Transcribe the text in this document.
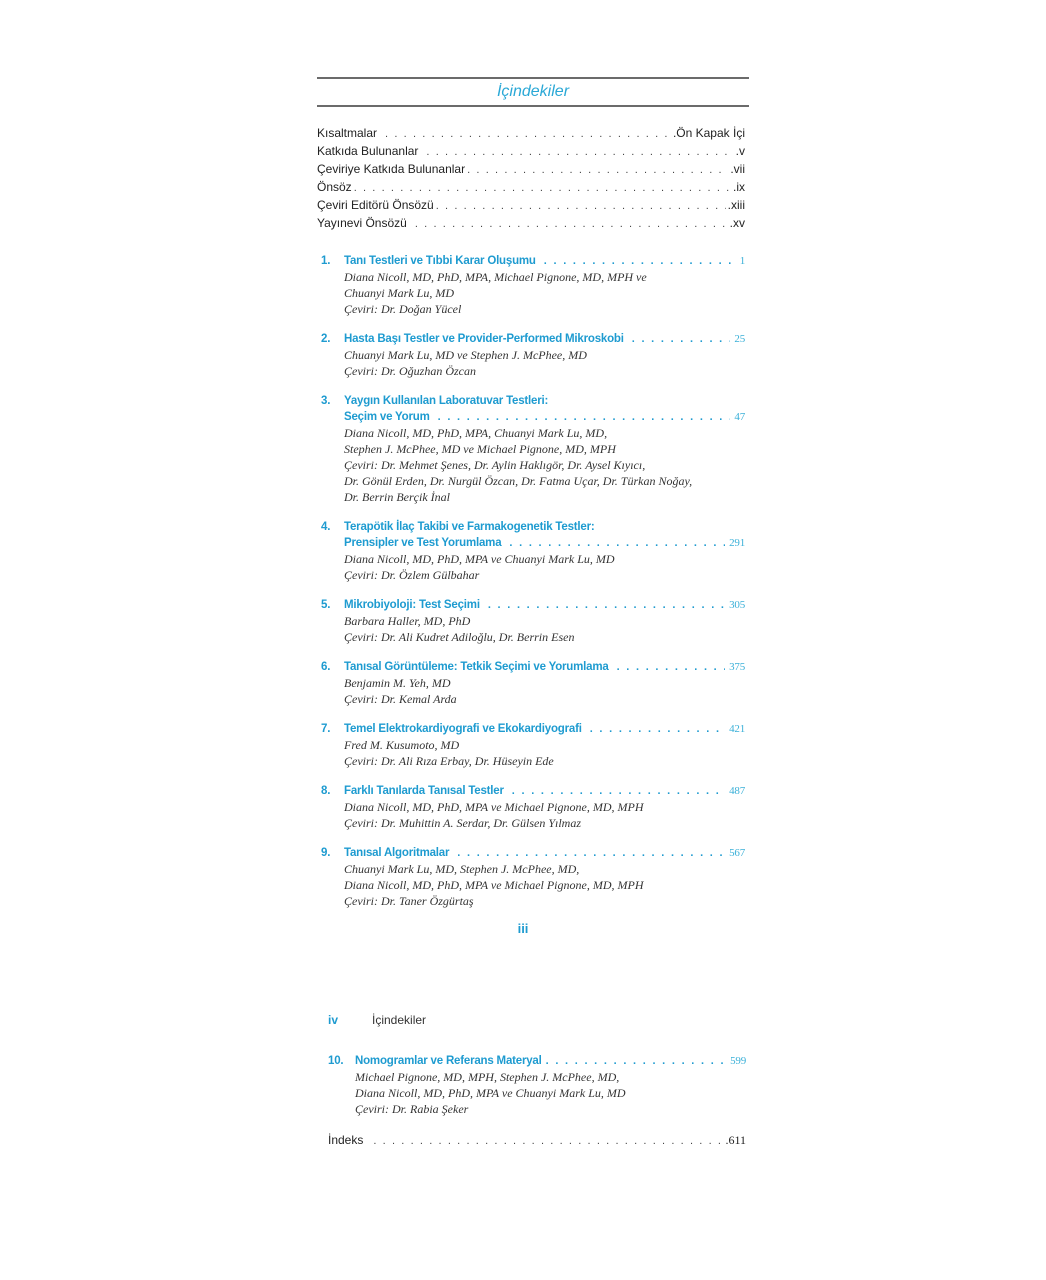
İçindekiler
Kısaltmalar . . .	.Ön Kapak İçi
Katkıda Bulunanlar . . .	.v
Çeviriye Katkıda Bulunanlar . . .	.vii
Önsöz . . .	.ix
Çeviri Editörü Önsözü . . .	.xiii
Yayınevi Önsözü . . .	.xv
1.	Tanı Testleri ve Tıbbi Karar Oluşumu . . .	1
Diana Nicoll, MD, PhD, MPA, Michael Pignone, MD, MPH ve
Chuanyi Mark Lu, MD
Çeviri: Dr. Doğan Yücel
2.	Hasta Başı Testler ve Provider-Performed Mikroskobi . . .	25
Chuanyi Mark Lu, MD ve Stephen J. McPhee, MD
Çeviri: Dr. Oğuzhan Özcan
3.	Yaygın Kullanılan Laboratuvar Testleri:
Seçim ve Yorum . . .	47
Diana Nicoll, MD, PhD, MPA, Chuanyi Mark Lu, MD,
Stephen J. McPhee, MD ve Michael Pignone, MD, MPH
Çeviri: Dr. Mehmet Şenes, Dr. Aylin Haklıgör, Dr. Aysel Kıyıcı,
Dr. Gönül Erden, Dr. Nurgül Özcan, Dr. Fatma Uçar, Dr. Türkan Noğay,
Dr. Berrin Berçik İnal
4.	Terapötik İlaç Takibi ve Farmakogenetik Testler:
Prensipler ve Test Yorumlama . . .	291
Diana Nicoll, MD, PhD, MPA ve Chuanyi Mark Lu, MD
Çeviri: Dr. Özlem Gülbahar
5.	Mikrobiyoloji: Test Seçimi . . .	305
Barbara Haller, MD, PhD
Çeviri: Dr. Ali Kudret Adiloğlu, Dr. Berrin Esen
6.	Tanısal Görüntüleme: Tetkik Seçimi ve Yorumlama . . .	375
Benjamin M. Yeh, MD
Çeviri: Dr. Kemal Arda
7.	Temel Elektrokardiyografi ve Ekokardiyografi . . .	421
Fred M. Kusumoto, MD
Çeviri: Dr. Ali Rıza Erbay, Dr. Hüseyin Ede
8.	Farklı Tanılarda Tanısal Testler . . .	487
Diana Nicoll, MD, PhD, MPA ve Michael Pignone, MD, MPH
Çeviri: Dr. Muhittin A. Serdar, Dr. Gülsen Yılmaz
9.	Tanısal Algoritmalar . . .	567
Chuanyi Mark Lu, MD, Stephen J. McPhee, MD,
Diana Nicoll, MD, PhD, MPA ve Michael Pignone, MD, MPH
Çeviri: Dr. Taner Özgürtaş
iii
iv	İçindekiler
10.	Nomogramlar ve Referans Materyal . . .	599
Michael Pignone, MD, MPH, Stephen J. McPhee, MD,
Diana Nicoll, MD, PhD, MPA ve Chuanyi Mark Lu, MD
Çeviri: Dr. Rabia Şeker
İndeks . . .	.611
